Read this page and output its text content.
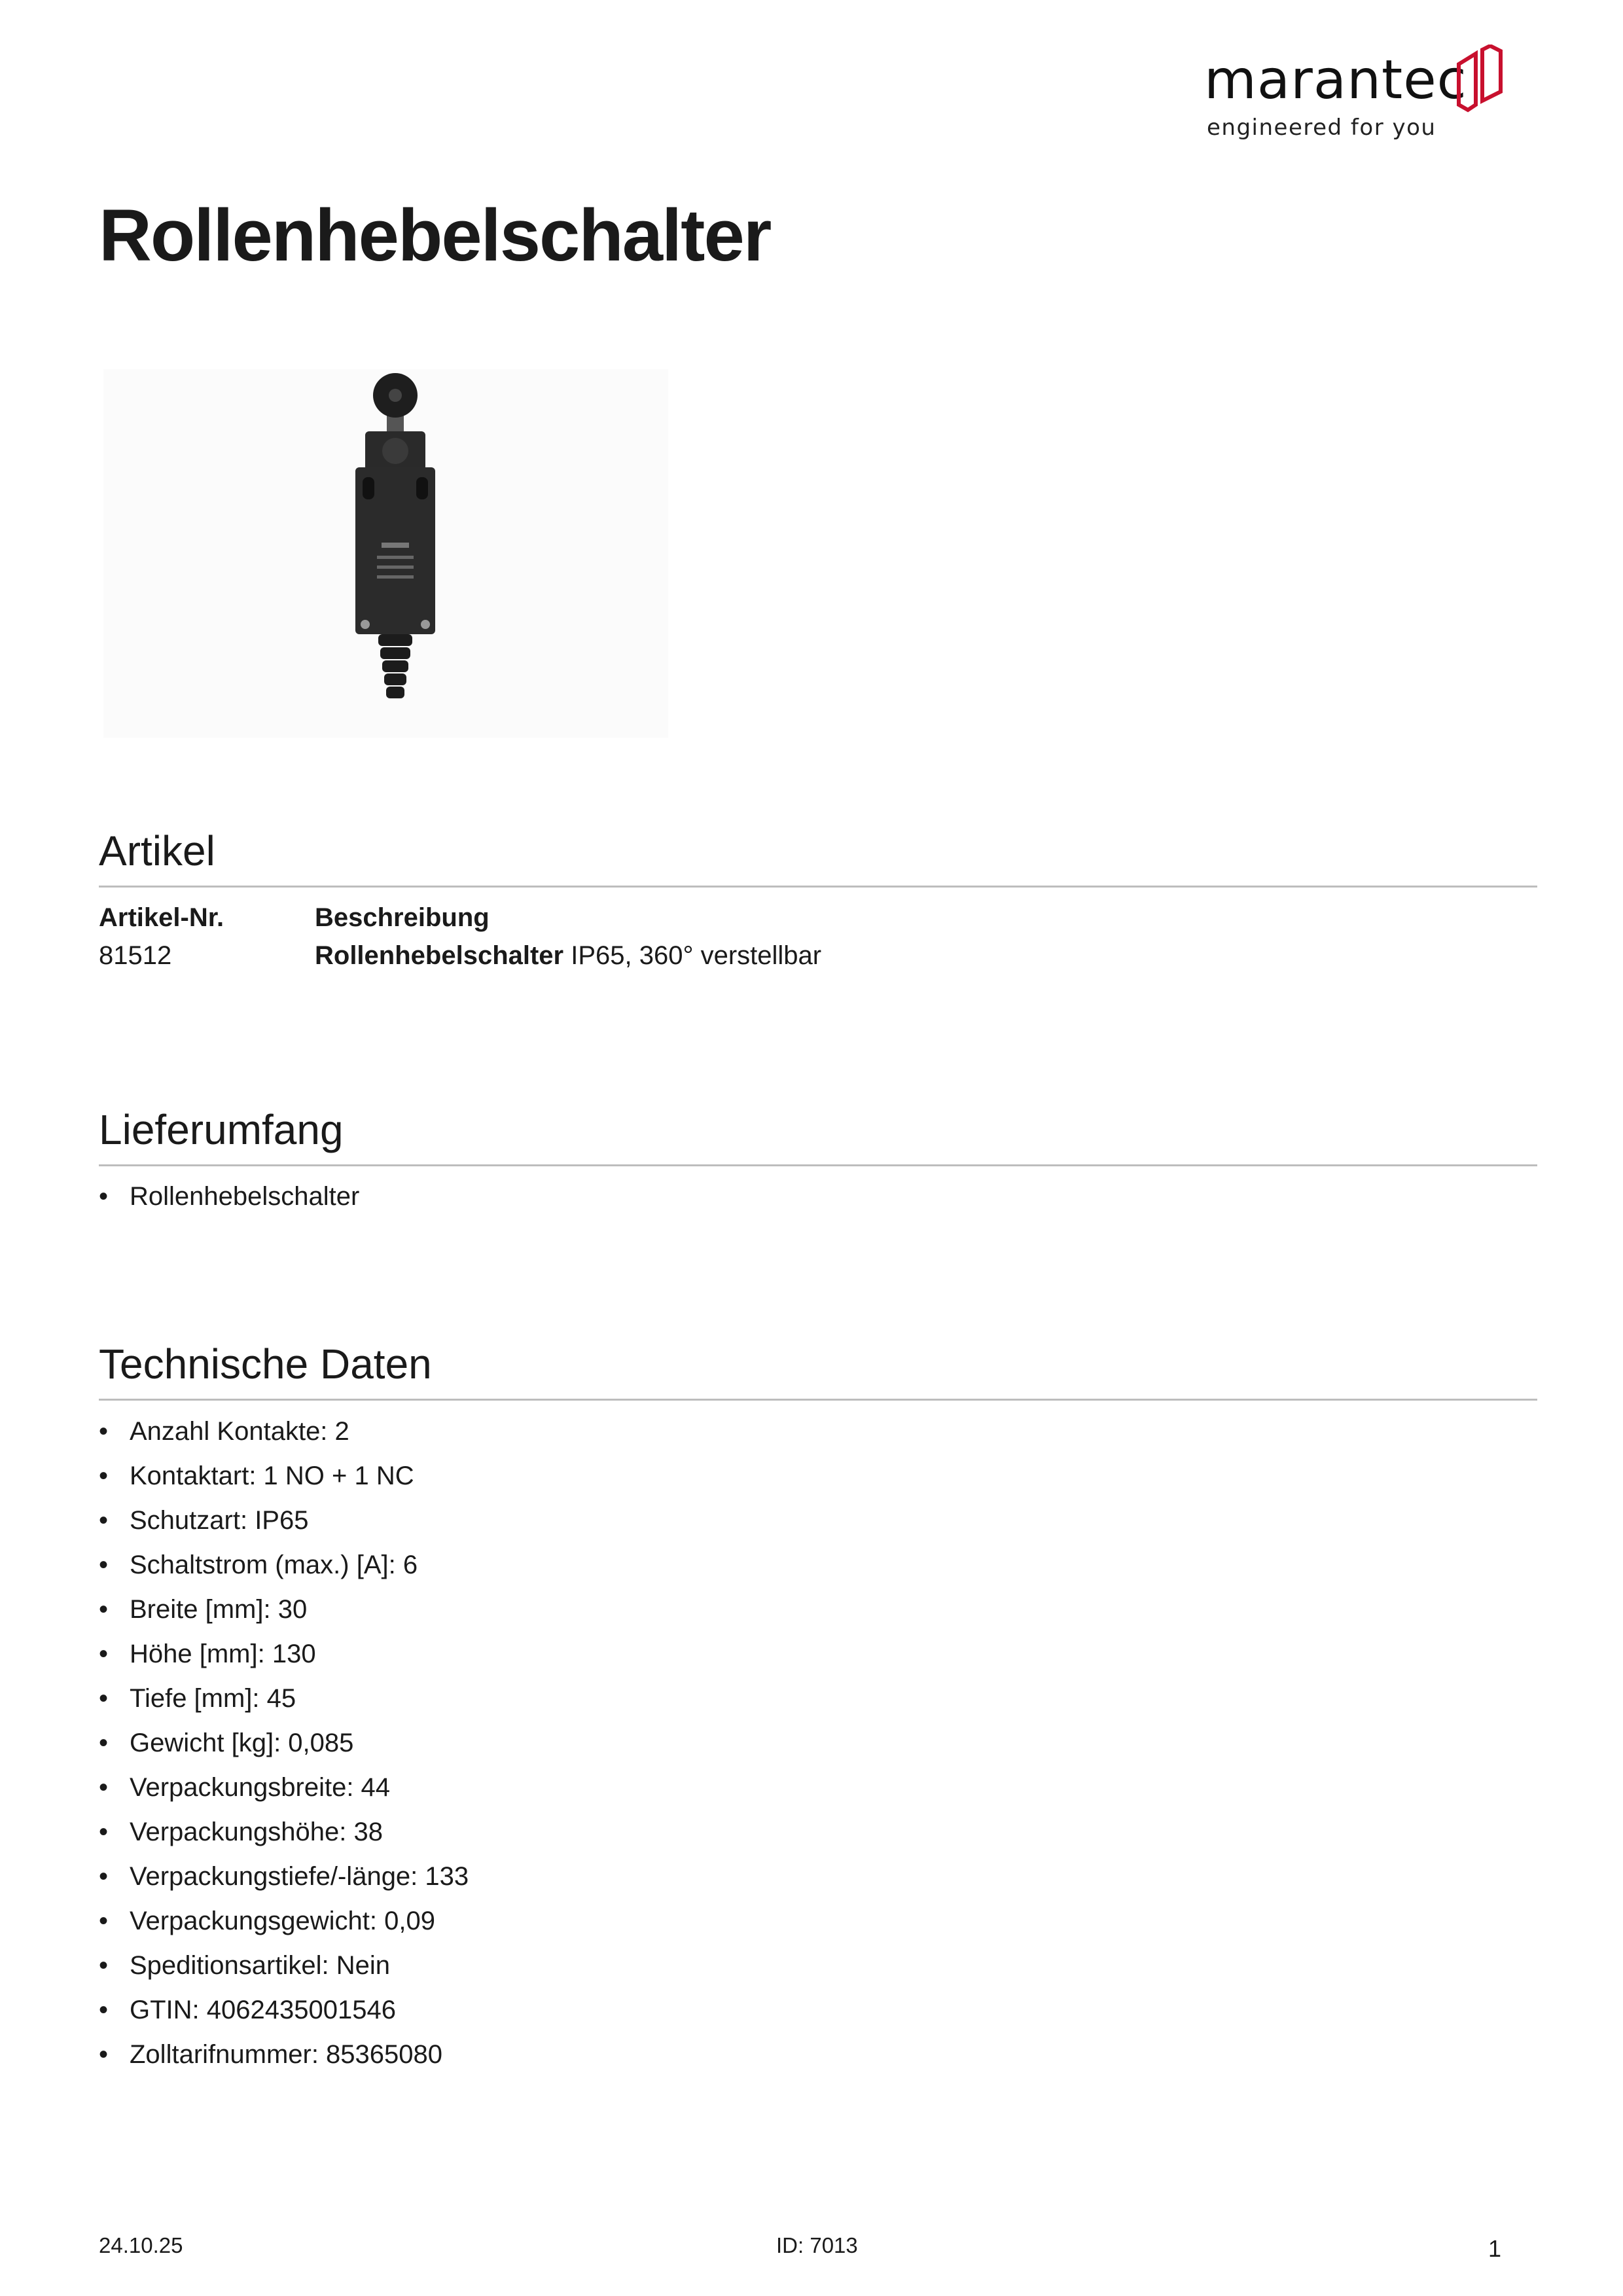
marantec
engineered for you
Rollenhebelschalter
Artikel
Artikel-Nr.	Beschreibung
81512	Rollenhebelschalter IP65, 360° verstellbar
Lieferumfang
• Rollenhebelschalter
Technische Daten
• Anzahl Kontakte: 2
• Kontaktart: 1 NO + 1 NC
• Schutzart: IP65
• Schaltstrom (max.) [A]: 6
• Breite [mm]: 30
• Höhe [mm]: 130
• Tiefe [mm]: 45
• Gewicht [kg]: 0,085
• Verpackungsbreite: 44
• Verpackungshöhe: 38
• Verpackungstiefe/-länge: 133
• Verpackungsgewicht: 0,09
• Speditionsartikel: Nein
• GTIN: 4062435001546
• Zolltarifnummer: 85365080
24.10.25	ID: 7013	1
